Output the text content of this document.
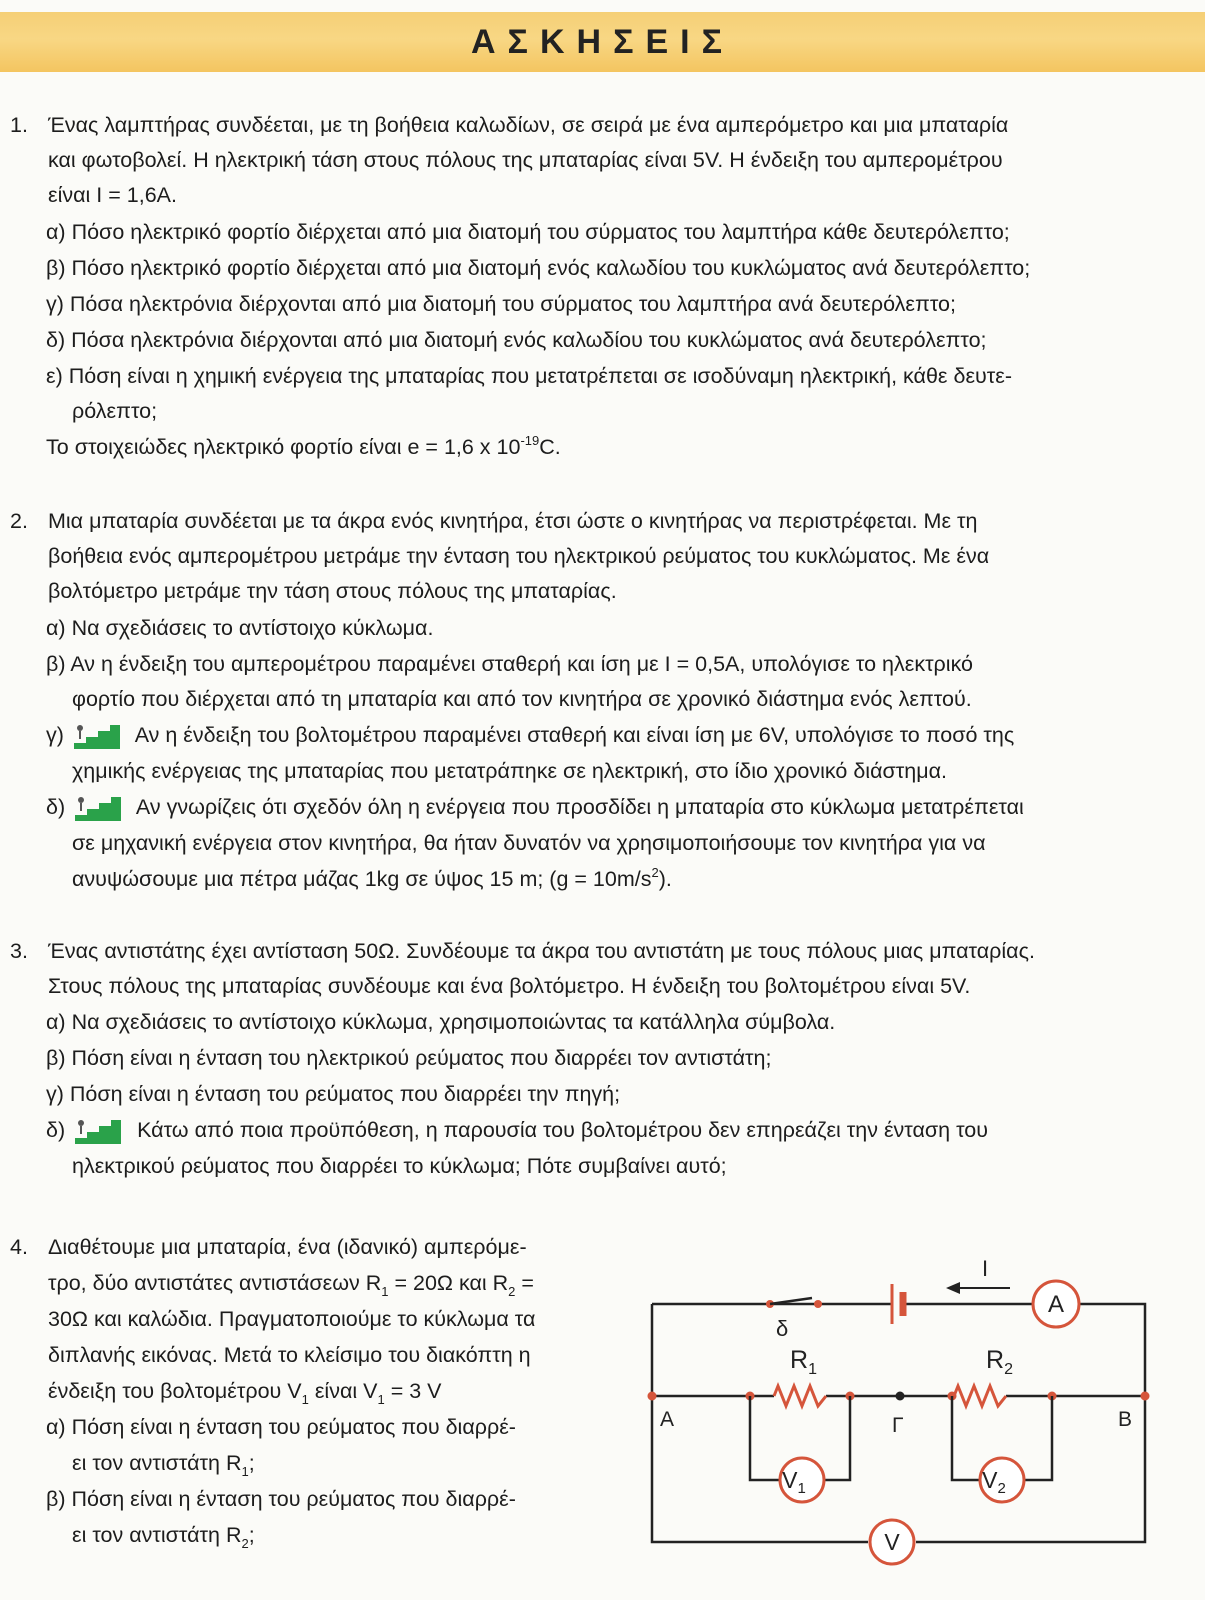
ΑΣΚΗΣΕΙΣ
1. Ένας λαμπτήρας συνδέεται, με τη βοήθεια καλωδίων, σε σειρά με ένα αμπερόμετρο και μια μπαταρία
και φωτοβολεί. Η ηλεκτρική τάση στους πόλους της μπαταρίας είναι 5V. Η ένδειξη του αμπερομέτρου
είναι I = 1,6A.
α) Πόσο ηλεκτρικό φορτίο διέρχεται από μια διατομή του σύρματος του λαμπτήρα κάθε δευτερόλεπτο;
β) Πόσο ηλεκτρικό φορτίο διέρχεται από μια διατομή ενός καλωδίου του κυκλώματος ανά δευτερόλεπτο;
γ) Πόσα ηλεκτρόνια διέρχονται από μια διατομή του σύρματος του λαμπτήρα ανά δευτερόλεπτο;
δ) Πόσα ηλεκτρόνια διέρχονται από μια διατομή ενός καλωδίου του κυκλώματος ανά δευτερόλεπτο;
ε) Πόση είναι η χημική ενέργεια της μπαταρίας που μετατρέπεται σε ισοδύναμη ηλεκτρική, κάθε δευτε-
ρόλεπτο;
Το στοιχειώδες ηλεκτρικό φορτίο είναι e = 1,6 x $10^{-19}C$.
2. Μια μπαταρία συνδέεται με τα άκρα ενός κινητήρα, έτσι ώστε ο κινητήρας να περιστρέφεται. Με τη
βοήθεια ενός αμπερομέτρου μετράμε την ένταση του ηλεκτρικού ρεύματος του κυκλώματος. Με ένα
βολτόμετρο μετράμε την τάση στους πόλους της μπαταρίας.
α) Να σχεδιάσεις το αντίστοιχο κύκλωμα.
β) Αν η ένδειξη του αμπερομέτρου παραμένει σταθερή και ίση με I = 0,5A, υπολόγισε το ηλεκτρικό
φορτίο που διέρχεται από τη μπαταρία και από τον κινητήρα σε χρονικό διάστημα ενός λεπτού.
γ)	Αν η ένδειξη του βολτομέτρου παραμένει σταθερή και είναι ίση με 6V, υπολόγισε το ποσό της
χημικής ενέργειας της μπαταρίας που μετατράπηκε σε ηλεκτρική, στο ίδιο χρονικό διάστημα.
δ)	Αν γνωρίζεις ότι σχεδόν όλη η ενέργεια που προσδίδει η μπαταρία στο κύκλωμα μετατρέπεται
σε μηχανική ενέργεια στον κινητήρα, θα ήταν δυνατόν να χρησιμοποιήσουμε τον κινητήρα για να
ανυψώσουμε μια πέτρα μάζας 1kg σε ύψος 15 m; $(g = 10m/s^2)$.
3. Ένας αντιστάτης έχει αντίσταση 50Ω. Συνδέουμε τα άκρα του αντιστάτη με τους πόλους μιας μπαταρίας.
Στους πόλους της μπαταρίας συνδέουμε και ένα βολτόμετρο. Η ένδειξη του βολτομέτρου είναι 5V.
α) Να σχεδιάσεις το αντίστοιχο κύκλωμα, χρησιμοποιώντας τα κατάλληλα σύμβολα.
β) Πόση είναι η ένταση του ηλεκτρικού ρεύματος που διαρρέει τον αντιστάτη;
γ) Πόση είναι η ένταση του ρεύματος που διαρρέει την πηγή;
δ)	Κάτω από ποια προϋπόθεση, η παρουσία του βολτομέτρου δεν επηρεάζει την ένταση του
ηλεκτρικού ρεύματος που διαρρέει το κύκλωμα; Πότε συμβαίνει αυτό;
4. Διαθέτουμε μια μπαταρία, ένα (ιδανικό) αμπερόμε-
τρο, δύο αντιστάτες αντιστάσεων $R_1 = 20\Omega$ και $R_2$ =
30Ω και καλώδια. Πραγματοποιούμε το κύκλωμα τα
διπλανής εικόνας. Μετά το κλείσιμο του διακόπτη η
ένδειξη του βολτομέτρου $V_1$ είναι $V_1 = 3$ V
α) Πόση είναι η ένταση του ρεύματος που διαρρέ-
ει τον αντιστάτη $R_1$;
β) Πόση είναι η ένταση του ρεύματος που διαρρέ-
ει τον αντιστάτη $R_2$;
δ
I
A
$R_1$	$R_2$
A	Γ	B
$V_1$	$V_2$
V
